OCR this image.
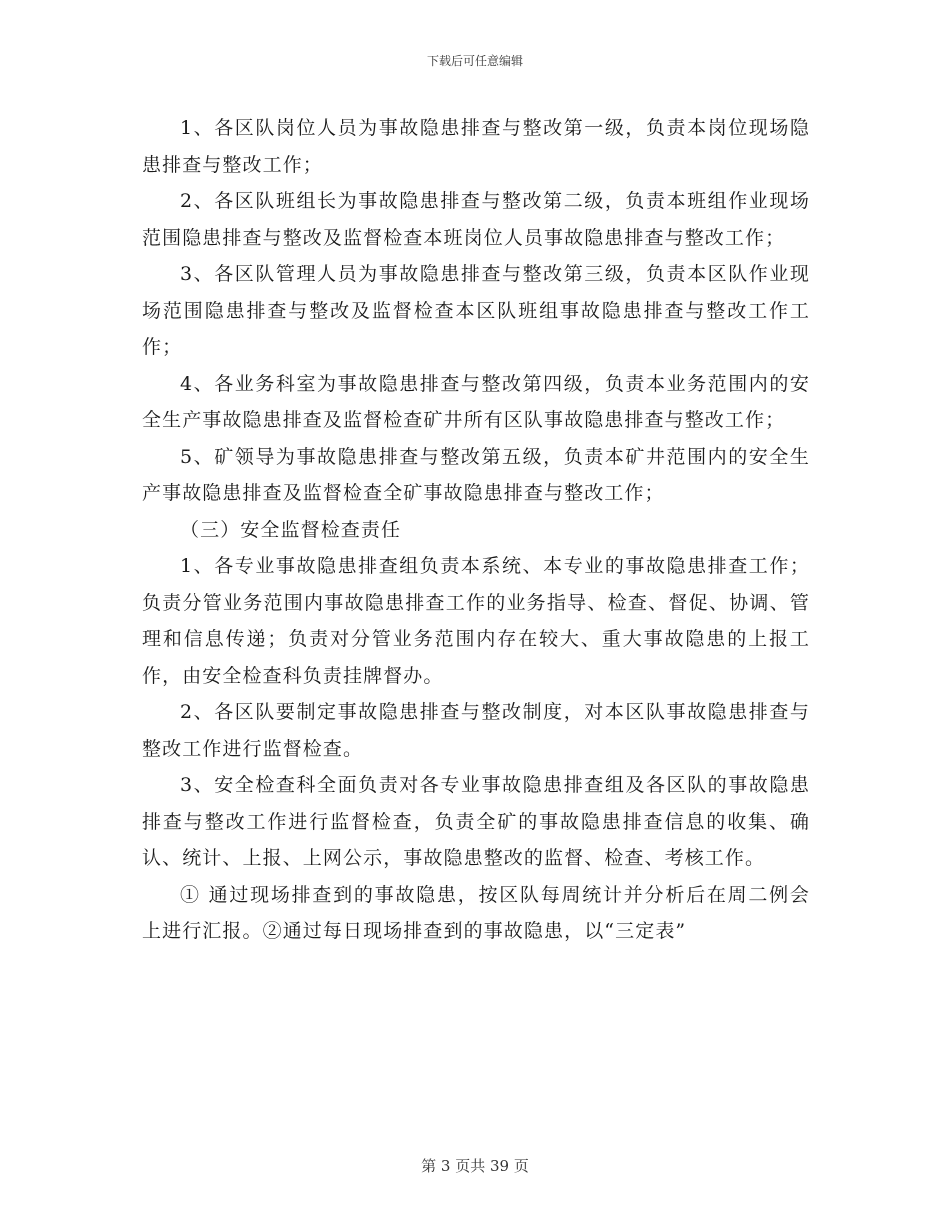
下载后可任意编辑

1、各区队岗位人员为事故隐患排查与整改第一级，负责本岗位现场隐患排查与整改工作；

2、各区队班组长为事故隐患排查与整改第二级，负责本班组作业现场范围隐患排查与整改及监督检查本班岗位人员事故隐患排查与整改工作；

3、各区队管理人员为事故隐患排查与整改第三级，负责本区队作业现场范围隐患排查与整改及监督检查本区队班组事故隐患排查与整改工作工作；

4、各业务科室为事故隐患排查与整改第四级，负责本业务范围内的安全生产事故隐患排查及监督检查矿井所有区队事故隐患排查与整改工作；

5、矿领导为事故隐患排查与整改第五级，负责本矿井范围内的安全生产事故隐患排查及监督检查全矿事故隐患排查与整改工作；

（三）安全监督检查责任

1、各专业事故隐患排查组负责本系统、本专业的事故隐患排查工作；负责分管业务范围内事故隐患排查工作的业务指导、检查、督促、协调、管理和信息传递；负责对分管业务范围内存在较大、重大事故隐患的上报工作，由安全检查科负责挂牌督办。

2、各区队要制定事故隐患排查与整改制度，对本区队事故隐患排查与整改工作进行监督检查。

3、安全检查科全面负责对各专业事故隐患排查组及各区队的事故隐患排查与整改工作进行监督检查，负责全矿的事故隐患排查信息的收集、确认、统计、上报、上网公示，事故隐患整改的监督、检查、考核工作。

① 通过现场排查到的事故隐患，按区队每周统计并分析后在周二例会上进行汇报。②通过每日现场排查到的事故隐患，以“三定表”

第 3 页共 39 页
